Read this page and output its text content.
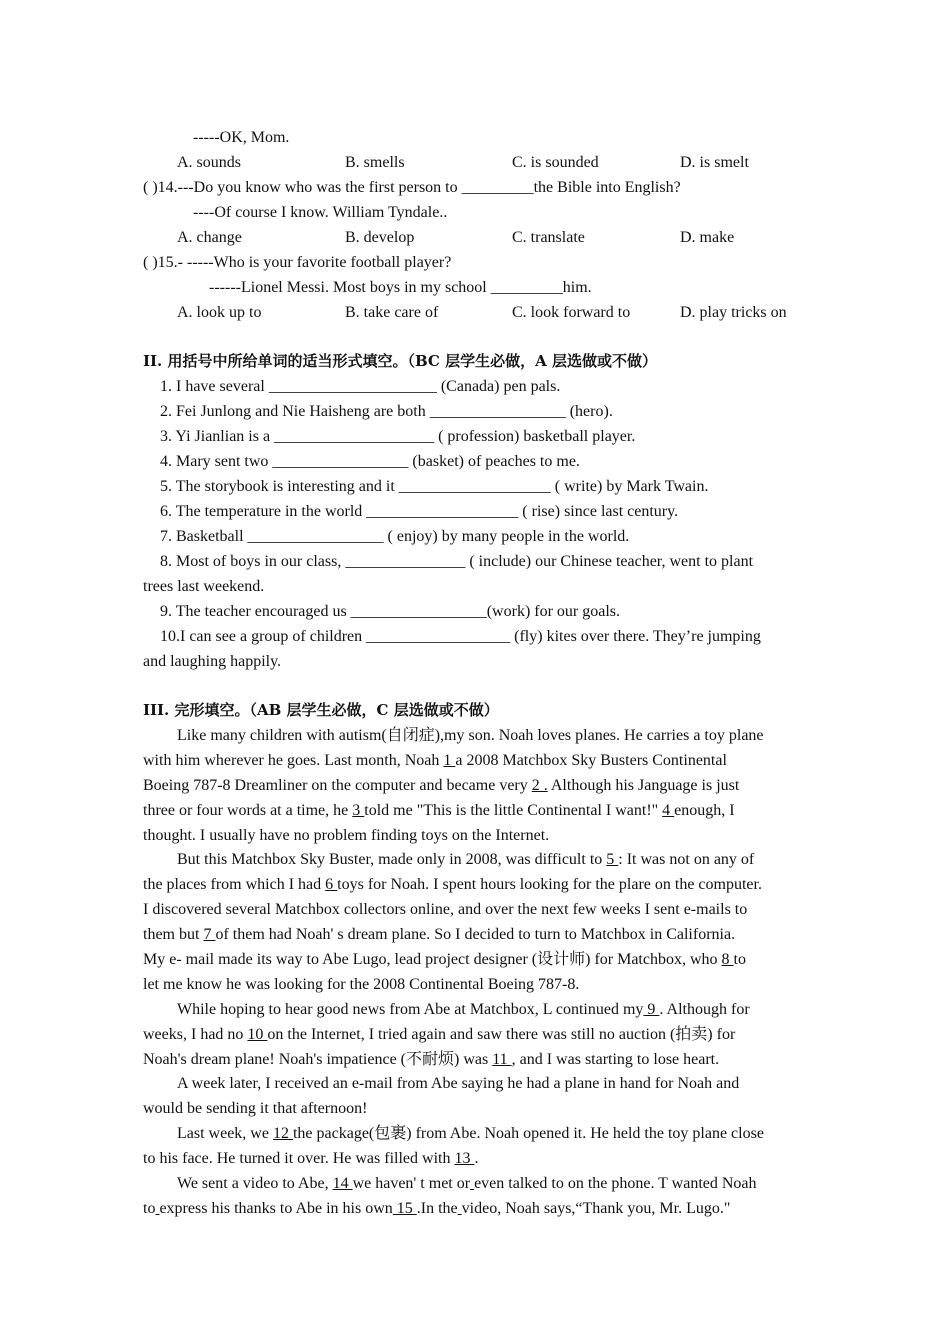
-----OK, Mom.
A. sounds	B. smells	C. is sounded	D. is smelt
( )14.---Do you know who was the first person to _________the Bible into English?
----Of course I know. William Tyndale..
A. change	B. develop	C. translate	D. make
( )15.- -----Who is your favorite football player?
------Lionel Messi. Most boys in my school _________him.
A. look up to	B. take care of	C. look forward to	D. play tricks on
II. 用括号中所给单词的适当形式填空。（BC 层学生必做，A 层选做或不做）
1. I have several _____________________ (Canada) pen pals.
2. Fei Junlong and Nie Haisheng are both _________________ (hero).
3. Yi Jianlian is a ____________________ ( profession) basketball player.
4. Mary sent two _________________ (basket) of peaches to me.
5. The storybook is interesting and it ___________________ ( write) by Mark Twain.
6. The temperature in the world ___________________ ( rise) since last century.
7. Basketball _________________ ( enjoy) by many people in the world.
8. Most of boys in our class, _______________ ( include) our Chinese teacher, went to plant
trees last weekend.
9. The teacher encouraged us _________________(work) for our goals.
10.I can see a group of children __________________ (fly) kites over there. They’re jumping
and laughing happily.
III. 完形填空。（AB 层学生必做，C 层选做或不做）
Like many children with autism(自闭症),my son. Noah loves planes. He carries a toy plane
with him wherever he goes. Last month, Noah 1 a 2008 Matchbox Sky Busters Continental
Boeing 787-8 Dreamliner on the computer and became very 2 . Although his Janguage is just
three or four words at a time, he 3 told me "This is the little Continental I want!" 4 enough, I
thought. I usually have no problem finding toys on the Internet.
But this Matchbox Sky Buster, made only in 2008, was difficult to 5 : It was not on any of
the places from which I had 6 toys for Noah. I spent hours looking for the plare on the computer.
I discovered several Matchbox collectors online, and over the next few weeks I sent e-mails to
them but 7 of them had Noah' s dream plane. So I decided to turn to Matchbox in California.
My e- mail made its way to Abe Lugo, lead project designer (设计师) for Matchbox, who 8 to
let me know he was looking for the 2008 Continental Boeing 787-8.
While hoping to hear good news from Abe at Matchbox, L continued my 9 . Although for
weeks, I had no 10 on the Internet, I tried again and saw there was still no auction (拍卖) for
Noah's dream plane! Noah's impatience (不耐烦) was 11 , and I was starting to lose heart.
A week later, I received an e-mail from Abe saying he had a plane in hand for Noah and
would be sending it that afternoon!
Last week, we 12 the package(包裹) from Abe. Noah opened it. He held the toy plane close
to his face. He turned it over. He was filled with 13 .
We sent a video to Abe, 14 we haven' t met or even talked to on the phone. T wanted Noah
to express his thanks to Abe in his own 15 .In the video, Noah says,“Thank you, Mr. Lugo."
